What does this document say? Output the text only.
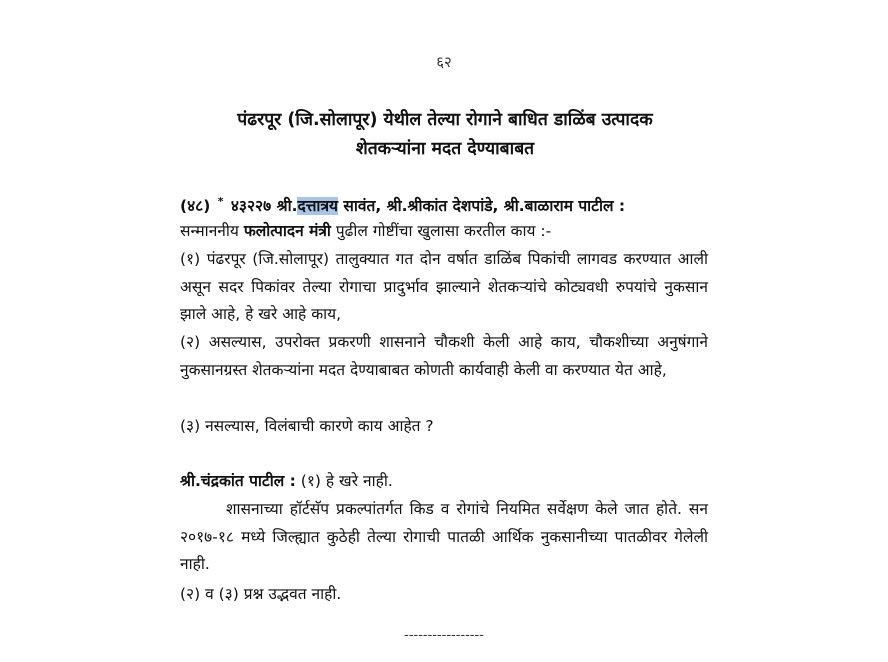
६२
पंढरपूर (जि.सोलापूर) येथील तेल्या रोगाने बाधित डाळिंब उत्पादक
शेतकऱ्यांना मदत देण्याबाबत
(४८) * ४३२२७ श्री.दत्तात्रय सावंत, श्री.श्रीकांत देशपांडे, श्री.बाळाराम पाटील :
सन्माननीय फलोत्पादन मंत्री पुढील गोष्टींचा खुलासा करतील काय :-
(१) पंढरपूर (जि.सोलापूर) तालुक्यात गत दोन वर्षात डाळिंब पिकांची लागवड करण्यात आली असून सदर पिकांवर तेल्या रोगाचा प्रादुर्भाव झाल्याने शेतकऱ्यांचे कोट्यवधी रुपयांचे नुकसान झाले आहे, हे खरे आहे काय,
(२) असल्यास, उपरोक्त प्रकरणी शासनाने चौकशी केली आहे काय, चौकशीच्या अनुषंगाने नुकसानग्रस्त शेतकऱ्यांना मदत देण्याबाबत कोणती कार्यवाही केली वा करण्यात येत आहे,
(३) नसल्यास, विलंबाची कारणे काय आहेत ?
श्री.चंद्रकांत पाटील : (१) हे खरे नाही.
शासनाच्या हॉर्टसॅप प्रकल्पांतर्गत किड व रोगांचे नियमित सर्वेक्षण केले जात होते. सन २०१७-१८ मध्ये जिल्ह्यात कुठेही तेल्या रोगाची पातळी आर्थिक नुकसानीच्या पातळीवर गेलेली नाही.
(२) व (३) प्रश्न उद्भवत नाही.
-----------------
